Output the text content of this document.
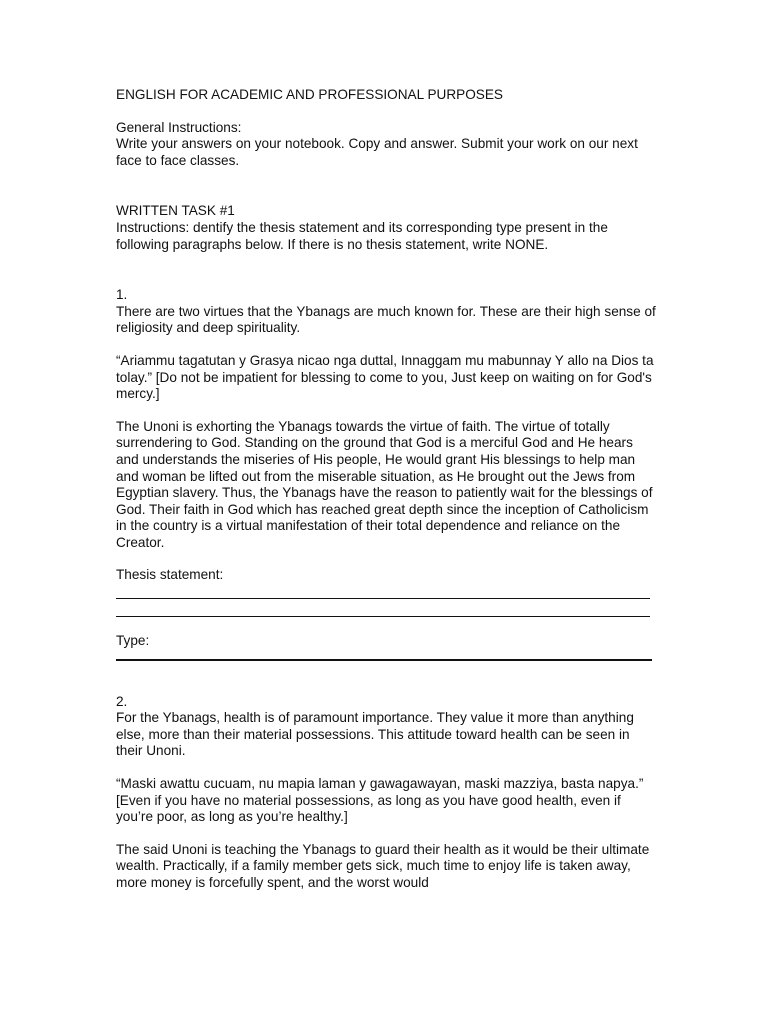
ENGLISH FOR ACADEMIC AND PROFESSIONAL PURPOSES

General Instructions:

Write your answers on your notebook. Copy and answer. Submit your work on our next face to face classes.

WRITTEN TASK #1

Instructions: dentify the thesis statement and its corresponding type present in the following paragraphs below. If there is no thesis statement, write NONE.

1.

There are two virtues that the Ybanags are much known for. These are their high sense of religiosity and deep spirituality.

“Ariammu tagatutan y Grasya nicao nga duttal, Innaggam mu mabunnay Y allo na Dios ta tolay.” [Do not be impatient for blessing to come to you, Just keep on waiting on for God's mercy.]

The Unoni is exhorting the Ybanags towards the virtue of faith. The virtue of totally surrendering to God. Standing on the ground that God is a merciful God and He hears and understands the miseries of His people, He would grant His blessings to help man and woman be lifted out from the miserable situation, as He brought out the Jews from Egyptian slavery. Thus, the Ybanags have the reason to patiently wait for the blessings of God. Their faith in God which has reached great depth since the inception of Catholicism in the country is a virtual manifestation of their total dependence and reliance on the Creator.

Thesis statement:

Type:

2.

For the Ybanags, health is of paramount importance. They value it more than anything else, more than their material possessions. This attitude toward health can be seen in their Unoni.

“Maski awattu cucuam, nu mapia laman y gawagawayan, maski mazziya, basta napya.” [Even if you have no material possessions, as long as you have good health, even if you’re poor, as long as you’re healthy.]

The said Unoni is teaching the Ybanags to guard their health as it would be their ultimate wealth. Practically, if a family member gets sick, much time to enjoy life is taken away, more money is forcefully spent, and the worst would
